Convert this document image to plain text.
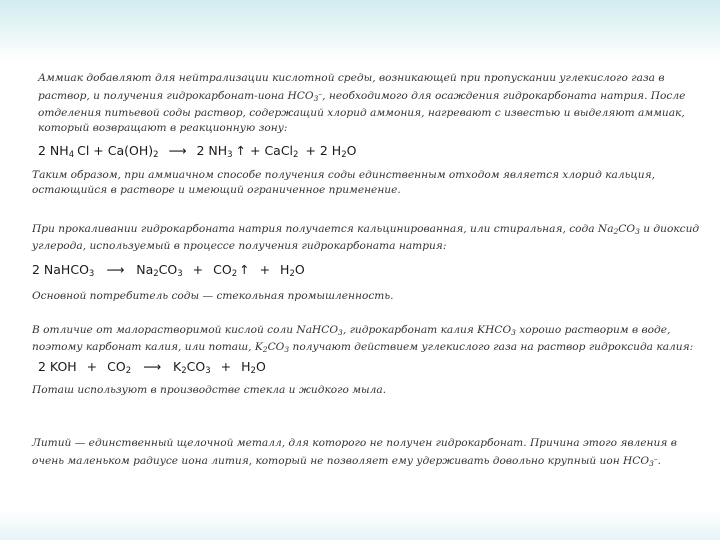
Аммиак добавляют для нейтрализации кислотной среды, возникающей при пропускании углекислого газа в
раствор, и получения гидрокарбонат-иона $HCO_3^-$, необходимого для осаждения гидрокарбоната натрия. После
отделения питьевой соды раствор, содержащий хлорид аммония, нагревают с известью и выделяют аммиак,
который возвращают в реакционную зону:

2 $NH_4$ $Cl + Ca(OH)_2$ ⟶ 2 $NH_3$ ↑ + CaCl$_2$ + 2 $H_2O$

Таким образом, при аммиачном способе получения соды единственным отходом является хлорид кальция,
остающийся в растворе и имеющий ограниченное применение.

При прокаливании гидрокарбоната натрия получается кальцинированная, или стиральная, сода $Na_2CO_3$ и диоксид
углерода, используемый в процессе получения гидрокарбоната натрия:

2 NaHCO$_3$ ⟶ $Na_2CO_3 + CO_2$ ↑ + $H_2O$

Основной потребитель соды — стекольная промышленность.

В отличие от малорастворимой кислой соли NaHCO$_3$, гидрокарбонат калия $KHCO_3$ хорошо растворим в воде,
поэтому карбонат калия, или поташ, $K_2CO_3$ получают действием углекислого газа на раствор гидроксида калия:

2 KOH + $CO_2$ ⟶ $K_2CO_3 + H_2O$

Поташ используют в производстве стекла и жидкого мыла.

Литий — единственный щелочной металл, для которого не получен гидрокарбонат. Причина этого явления в
очень маленьком радиусе иона лития, который не позволяет ему удерживать довольно крупный ион $HCO_3^-$.
